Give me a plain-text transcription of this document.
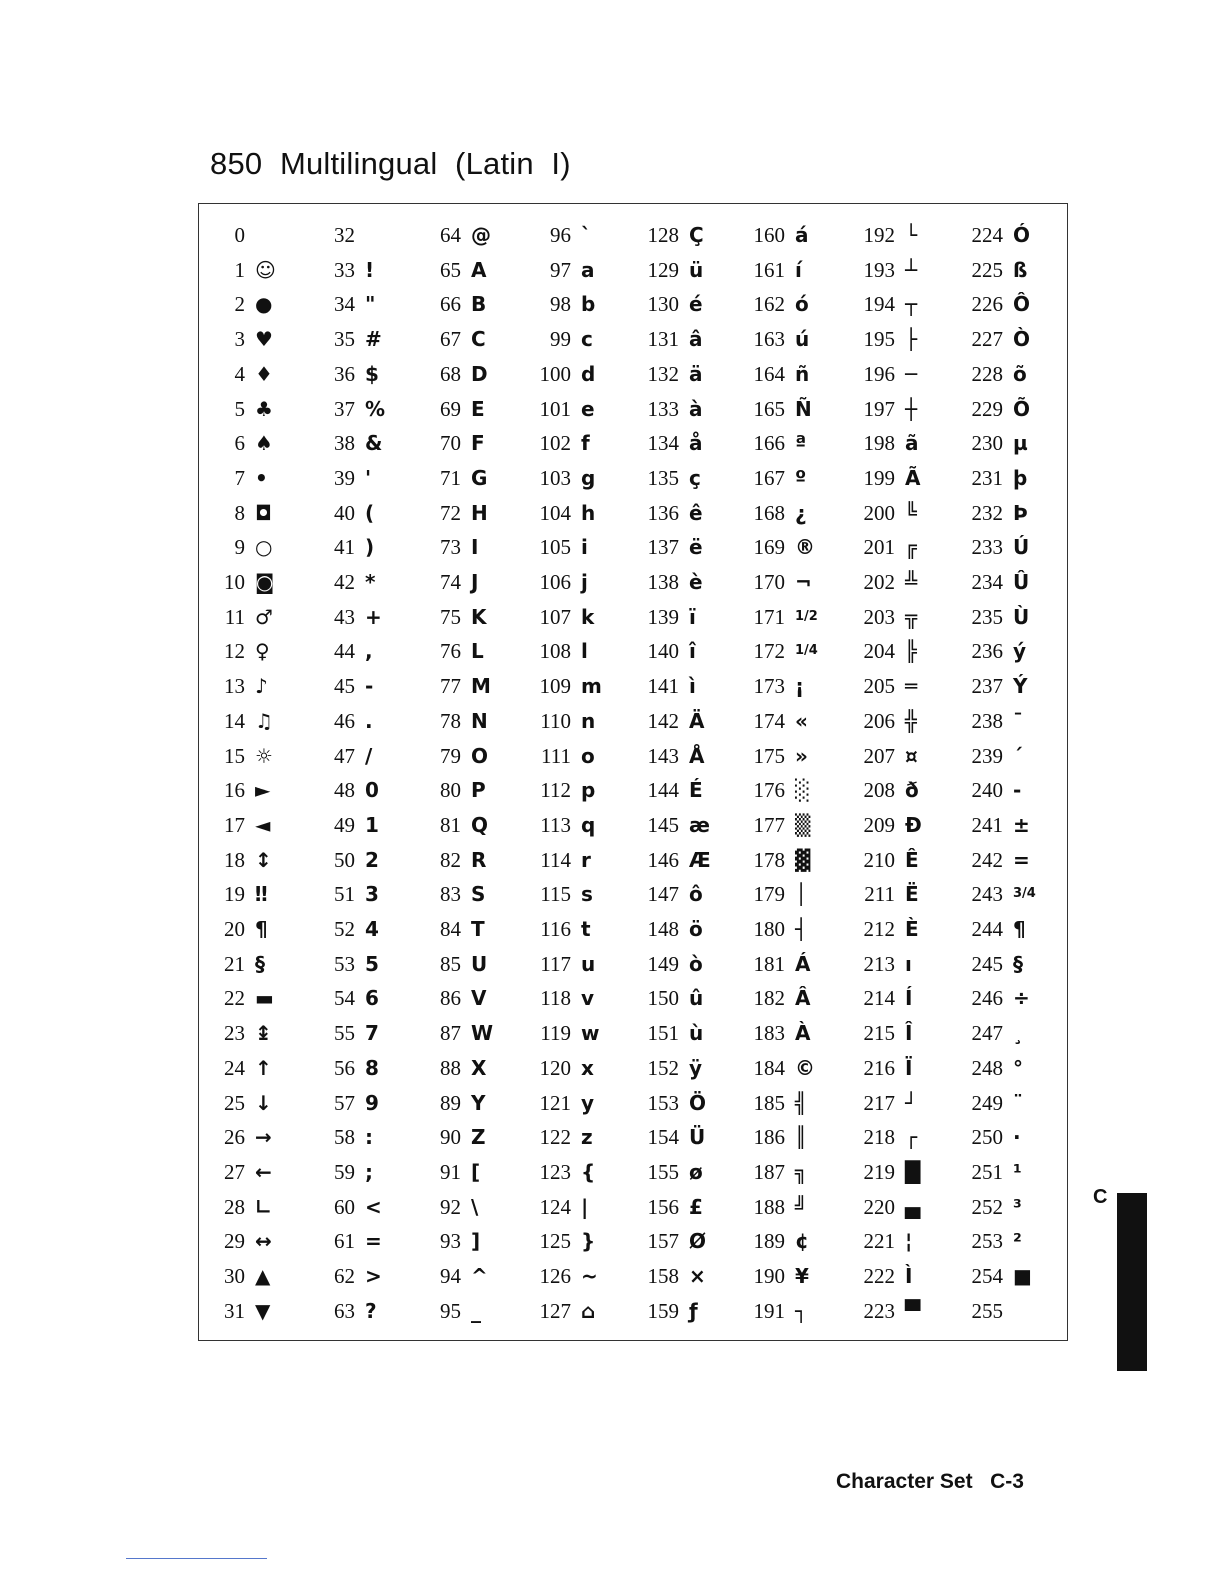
850  Multilingual  (Latin  I)
0
1 ☺
2 ●
3 ♥
4 ♦
5 ♣
6 ♠
7 •
8 ◘
9 ○
10 ◙
11 ♂
12 ♀
13 ♪
14 ♫
15 ☼
16 ►
17 ◄
18 ↕
19 ‼
20 ¶
21 §
22 ▬
23 ↨
24 ↑
25 ↓
26 →
27 ←
28 ∟
29 ↔
30 ▲
31 ▼
32
33 !
34 "
35 #
36 $
37 %
38 &
39 '
40 (
41 )
42 *
43 +
44 ,
45 -
46 .
47 /
48 0
49 1
50 2
51 3
52 4
53 5
54 6
55 7
56 8
57 9
58 :
59 ;
60 <
61 =
62 >
63 ?
64 @
65 A
66 B
67 C
68 D
69 E
70 F
71 G
72 H
73 I
74 J
75 K
76 L
77 M
78 N
79 O
80 P
81 Q
82 R
83 S
84 T
85 U
86 V
87 W
88 X
89 Y
90 Z
91 [
92 \
93 ]
94 ^
95 _
96 `
97 a
98 b
99 c
100 d
101 e
102 f
103 g
104 h
105 i
106 j
107 k
108 l
109 m
110 n
111 o
112 p
113 q
114 r
115 s
116 t
117 u
118 v
119 w
120 x
121 y
122 z
123 {
124 |
125 }
126 ~
127 ⌂
128 Ç
129 ü
130 é
131 â
132 ä
133 à
134 å
135 ç
136 ê
137 ë
138 è
139 ï
140 î
141 ì
142 Ä
143 Å
144 É
145 æ
146 Æ
147 ô
148 ö
149 ò
150 û
151 ù
152 ÿ
153 Ö
154 Ü
155 ø
156 £
157 Ø
158 ×
159 ƒ
160 á
161 í
162 ó
163 ú
164 ñ
165 Ñ
166 ª
167 º
168 ¿
169 ®
170 ¬
171 1/2
172 1/4
173 ¡
174 «
175 »
176 ░
177 ▒
178 ▓
179 │
180 ┤
181 Á
182 Â
183 À
184 ©
185 ╣
186 ║
187 ╗
188 ╝
189 ¢
190 ¥
191 ┐
192 └
193 ┴
194 ┬
195 ├
196 ─
197 ┼
198 ã
199 Ã
200 ╚
201 ╔
202 ╩
203 ╦
204 ╠
205 ═
206 ╬
207 ¤
208 ð
209 Ð
210 Ê
211 Ë
212 È
213 ı
214 Í
215 Î
216 Ï
217 ┘
218 ┌
219 █
220 ▄
221 ¦
222 Ì
223 ▀
224 Ó
225 ß
226 Ô
227 Ò
228 õ
229 Õ
230 µ
231 þ
232 Þ
233 Ú
234 Û
235 Ù
236 ý
237 Ý
238 ¯
239 ´
240 -
241 ±
242 =
243 3/4
244 ¶
245 §
246 ÷
247 ¸
248 °
249 ¨
250 ·
251 ¹
252 ³
253 ²
254 ■
255
C
Character Set   C-3
